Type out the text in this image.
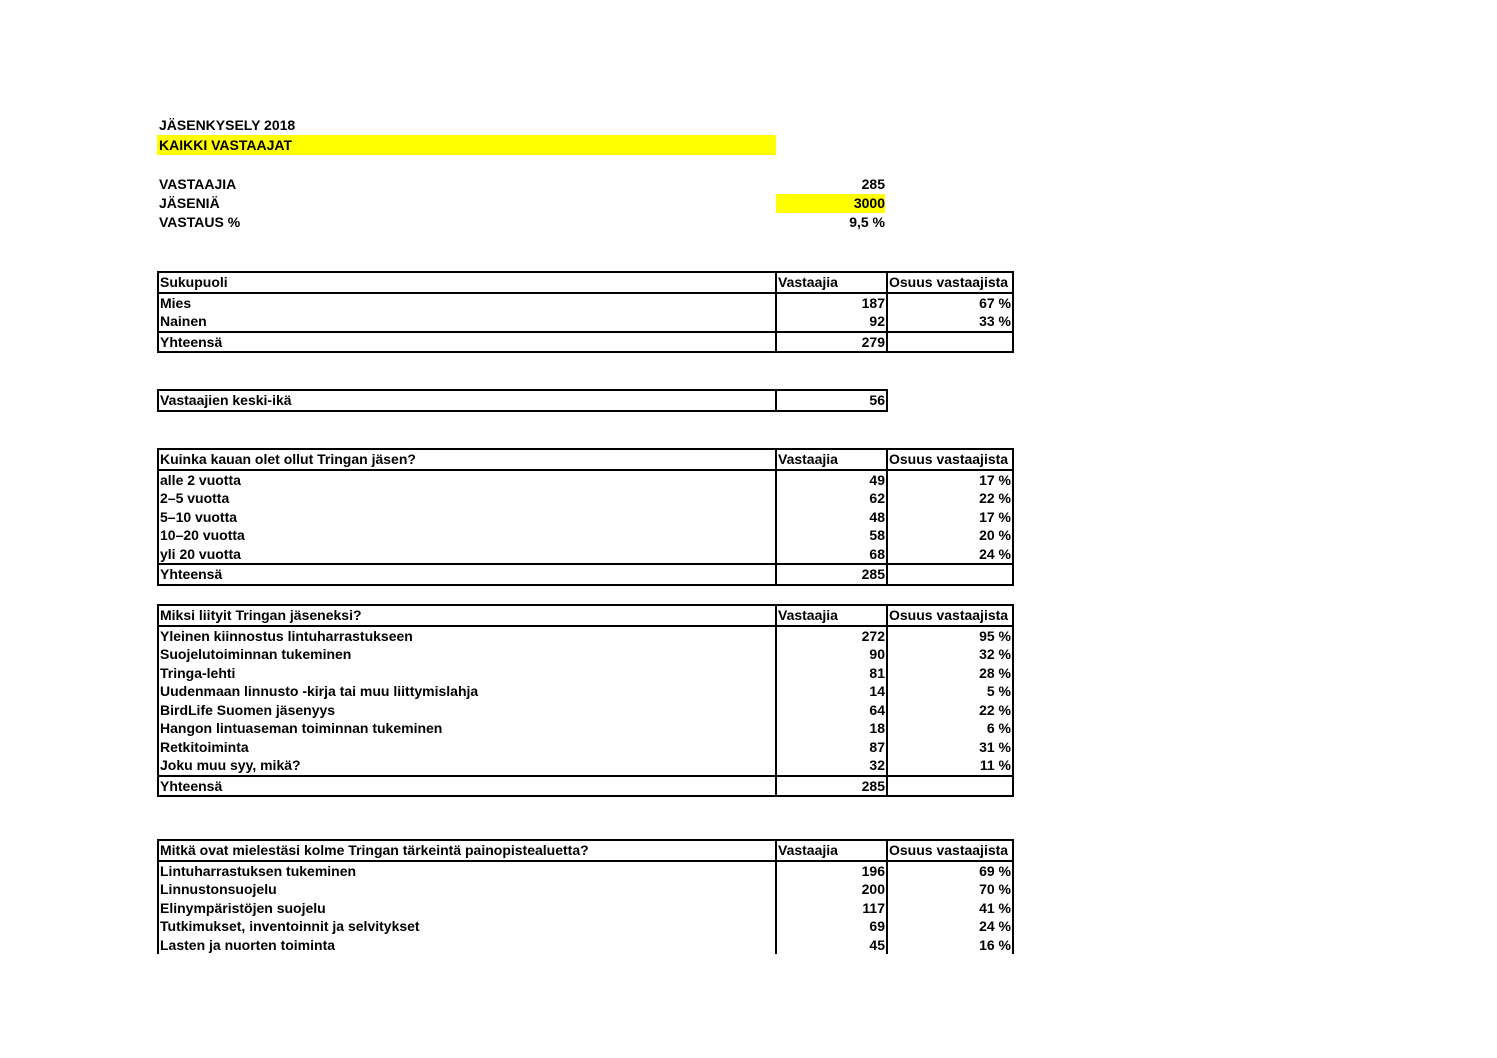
JÄSENKYSELY 2018
KAIKKI VASTAAJAT
VASTAAJIA	285
JÄSENIÄ	3000
VASTAUS %	9,5 %
Sukupuoli	Vastaajia	Osuus vastaajista
Mies	187	67 %
Nainen	92	33 %
Yhteensä	279	
Vastaajien keski-ikä	56
Kuinka kauan olet ollut Tringan jäsen?	Vastaajia	Osuus vastaajista
alle 2 vuotta	49	17 %
2–5 vuotta	62	22 %
5–10 vuotta	48	17 %
10–20 vuotta	58	20 %
yli 20 vuotta	68	24 %
Yhteensä	285	
Miksi liityit Tringan jäseneksi?	Vastaajia	Osuus vastaajista
Yleinen kiinnostus lintuharrastukseen	272	95 %
Suojelutoiminnan tukeminen	90	32 %
Tringa-lehti	81	28 %
Uudenmaan linnusto -kirja tai muu liittymislahja	14	5 %
BirdLife Suomen jäsenyys	64	22 %
Hangon lintuaseman toiminnan tukeminen	18	6 %
Retkitoiminta	87	31 %
Joku muu syy, mikä?	32	11 %
Yhteensä	285	
Mitkä ovat mielestäsi kolme Tringan tärkeintä painopistealuetta?	Vastaajia	Osuus vastaajista
Lintuharrastuksen tukeminen	196	69 %
Linnustonsuojelu	200	70 %
Elinympäristöjen suojelu	117	41 %
Tutkimukset, inventoinnit ja selvitykset	69	24 %
Lasten ja nuorten toiminta	45	16 %
